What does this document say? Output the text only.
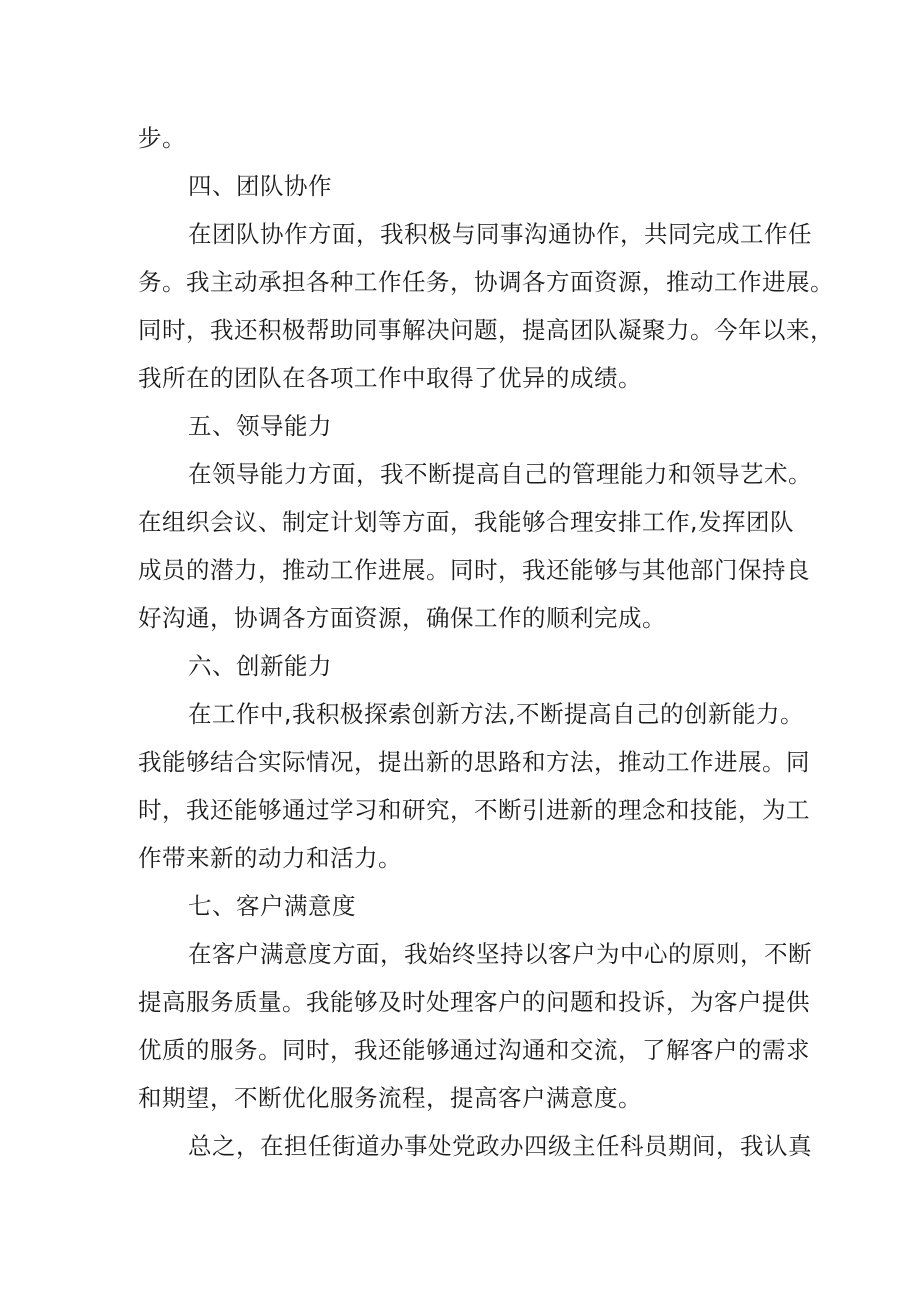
步。
四、团队协作
在团队协作方面，我积极与同事沟通协作，共同完成工作任
务。我主动承担各种工作任务，协调各方面资源，推动工作进展。
同时，我还积极帮助同事解决问题，提高团队凝聚力。今年以来，
我所在的团队在各项工作中取得了优异的成绩。
五、领导能力
在领导能力方面，我不断提高自己的管理能力和领导艺术。
在组织会议、制定计划等方面，我能够合理安排工作,发挥团队
成员的潜力，推动工作进展。同时，我还能够与其他部门保持良
好沟通，协调各方面资源，确保工作的顺利完成。
六、创新能力
在工作中,我积极探索创新方法,不断提高自己的创新能力。
我能够结合实际情况，提出新的思路和方法，推动工作进展。同
时，我还能够通过学习和研究，不断引进新的理念和技能，为工
作带来新的动力和活力。
七、客户满意度
在客户满意度方面，我始终坚持以客户为中心的原则，不断
提高服务质量。我能够及时处理客户的问题和投诉，为客户提供
优质的服务。同时，我还能够通过沟通和交流，了解客户的需求
和期望，不断优化服务流程，提高客户满意度。
总之，在担任街道办事处党政办四级主任科员期间，我认真
